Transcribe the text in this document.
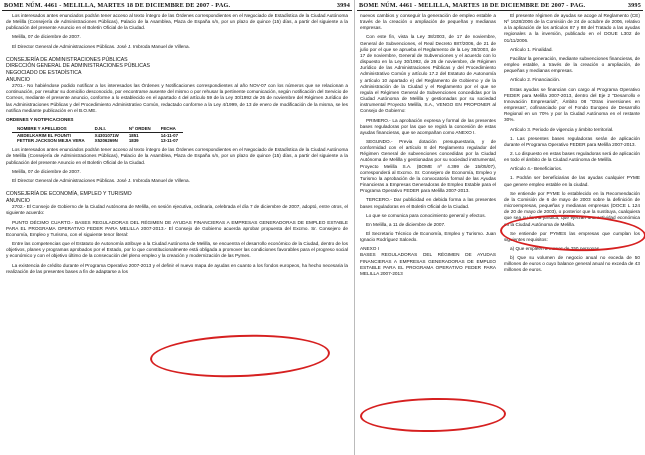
BOME NÚM. 4461 - MELILLA, MARTES 18 DE DICIEMBRE DE 2007 - PAG.	3994

Los interesados antes enunciados podrán tener acceso al texto íntegro de las Órdenes correspondientes en el Negociado de Estadística de la Ciudad Autónoma de Melilla (Consejería de Administraciones Públicas), Palacio de la Asamblea, Plaza de España s/n, por un plazo de quince (15) días, a partir del siguiente a la publicación del presente Anuncio en el Boletín Oficial de la Ciudad.

Melilla, 07 de diciembre de 2007.

El Director General de Administraciones Públicas. José J. Imbroda Manuel de Villena.

CONSEJERÍA DE ADMINISTRACIONES PÚBLICAS

DIRECCIÓN GENERAL DE ADMINISTRACIONES PÚBLICAS

NEGOCIADO DE ESTADÍSTICA

ANUNCIO

2701.- No habiéndose podido notificar a los interesados las Órdenes y Notificaciones correspondientes al año NOV-07 con los números que se relacionan a continuación, por resultar su domicilio desconocido, por encontrarse ausente del mismo o por rehusar la pertinente comunicación, según notificación del Servicio de Correos, mediante el presente anuncio, conforme a lo establecido en el apartado 4 del artículo 59 de la Ley 30/1992 de 26 de noviembre del Régimen Jurídico de las Administraciones Públicas y del Procedimiento Administrativo Común, redactado conforme a la Ley 4/1999, de 13 de enero de modificación de la misma, se les notifica mediante publicación en el B.O.ME.

ORDENES Y NOTIFICACIONES

NOMBRE Y APELLIDOS	D.N.I.	Nº ORDEN	FECHA
ABDELKARIM EL FOUNTI	X4301071W	1851	14-11-07
FETTER JACKSON MEJIA VERA	X5206269N	1839	13-11-07

Los interesados antes enunciados podrán tener acceso al texto íntegro de las Órdenes correspondientes en el Negociado de Estadística de la Ciudad Autónoma de Melilla (Consejería de Administraciones Públicas), Palacio de la Asamblea, Plaza de España s/n, por un plazo de quince (15) días, a partir del siguiente a la publicación del presente Anuncio en el Boletín Oficial de la Ciudad.

Melilla, 07 de diciembre de 2007.

El Director General de Administraciones Públicas. José J. Imbroda Manuel de Villena.

CONSEJERÍA DE ECONOMÍA, EMPLEO Y TURISMO

ANUNCIO

2702.- El Consejo de Gobierno de la Ciudad Autónoma de Melilla, en sesión ejecutiva, ordinaria, celebrada el día 7 de diciembre de 2007, adoptó, entre otros, el siguiente acuerdo:

PUNTO DÉCIMO CUARTO.- BASES REGULADORAS DEL RÉGIMEN DE AYUDAS FINANCIERAS A EMPRESAS GENERADORAS DE EMPLEO ESTABLE PARA EL PROGRAMA OPERATIVO FEDER PARA MELILLA 2007-2013.- El Consejo de Gobierno acuerda aprobar propuesta del Excmo. Sr. Consejero de Economía, Empleo y Turismo, con el siguiente tenor literal:

Entre las competencias que el Estatuto de Autonomía atribuye a la Ciudad Autónoma de Melilla, se encuentra el desarrollo económico de la Ciudad, dentro de los objetivos, planes y programas aprobados por el Estado, por lo que constitucionalmente está obligada a promover las condiciones favorables para el progreso social y económico y con el objetivo último de la consecución del pleno empleo y la creación y modernización de las Pymes.

La existencia de crédito durante el Programa Operativo 2007-2013 y el definir el nuevo mapa de ayudas en cuanto a los fondos europeos, ha hecho necesaria la realización de las presentes bases a fin de adaptarse a los

BOME NÚM. 4461 - MELILLA, MARTES 18 DE DICIEMBRE DE 2007 - PAG.	3995

nuevos cambios y conseguir la generación de empleo estable a través de la creación o ampliación de pequeñas y medianas empresas.

Con este fin, vista la Ley 38/2003, de 17 de noviembre, General de Subvenciones, el Real Decreto 887/2006, de 21 de julio por el que se aprueba el Reglamento de la Ley 38/2003, de 17 de noviembre, General de Subvenciones y el acuerdo con lo dispuesto en la Ley 30/1992, de 26 de noviembre, de Régimen Jurídico de las Administraciones Públicas y del Procedimiento Administrativo Común y artículo 17.2 del Estatuto de Autonomía y artículo 10 apartado e) del Reglamento de Gobierno y de la Administración de la Ciudad y el Reglamento por el que se regula el Régimen General de Subvenciones concedidas por la Ciudad Autónoma de Melilla y gestionadas por su sociedad instrumental Proyecto Melilla, S.A., VENGO EN PROPONER al Consejo de Gobierno:

PRIMERO.- La aprobación expresa y formal de las presentes bases reguladoras por las que se regirá la concesión de estas ayudas financieras, que se acompañan como ANEXO I.

SEGUNDO.- Previa dotación presupuestaria, y de conformidad con el artículo 8 del Reglamento regulador del Régimen General de subvenciones concedidas por la Ciudad Autónoma de Melilla y gestionadas por su sociedad instrumental, Proyecto Melilla S.A. (BOME nº 4.399 de 15/05/07), corresponderá al Excmo. Sr. Consejero de Economía, Empleo y Turismo la aprobación de la convocatoria formal de las Ayudas Financieras a Empresas Generadoras de Empleo Estable para el Programa Operativo FEDER para Melilla 2007-2013.

TERCERO.- Dar publicidad en debida forma a las presentes bases reguladoras en el Boletín Oficial de la Ciudad.

Lo que se comunica para conocimiento general y efectos.

En Melilla, a 11 de diciembre de 2007.

El Secretario Técnico de Economía, Empleo y Turismo. Juan Ignacio Rodríguez Salcedo.

ANEXO I

BASES REGULADORAS DEL RÉGIMEN DE AYUDAS FINANCIERAS A EMPRESAS GENERADORAS DE EMPLEO ESTABLE PARA EL PROGRAMA OPERATIVO FEDER PARA MELILLA 2007-2013

El presente régimen de ayudas se acoge al Reglamento (CE) Nº 1628/2006 de la Comisión de 24 de octubre de 2006, relativo a la aplicación de los artículos 87 y 88 del Tratado a las ayudas regionales a la inversión, publicado en el DOUE L302 de 01/11/2006.

Artículo 1. Finalidad.

Facilitar la generación, mediante subvenciones financieras, de empleo estable, a través de la creación o ampliación, de pequeñas y medianas empresas.

Artículo 2. Financiación.

Estas ayudas se financian con cargo al Programa Operativo FEDER para Melilla 2007-2013, dentro del Eje 2 "Desarrollo e Innovación Empresarial", Ámbito 08 "Otras inversiones en empresas", cofinanciado por el Fondo Europeo de Desarrollo Regional en un 70% y por la Ciudad Autónoma en el restante 30%.

Artículo 3. Periodo de vigencia y ámbito territorial.

1. Las presentes bases reguladoras serán de aplicación durante el Programa Operativo FEDER para Melilla 2007-2013.

2. Lo dispuesto en estas bases reguladoras será de aplicación en todo el ámbito de la Ciudad Autónoma de Melilla.

Artículo 4.- Beneficiarios.

1. Podrán ser beneficiarias de las ayudas cualquier PYME que genere empleo estable en la ciudad.

Se entiende por PYME lo establecido en la Recomendación de la Comisión de 6 de mayo de 2003 sobre la definición de microempresas, pequeñas y medianas empresas (DOCE L 124 de 20 de mayo de 2003), o posterior que la sustituya, cualquiera que sea su forma jurídica, que ejerzan una actividad económica en la Ciudad Autónoma de Melilla.

Se entiende por PYMES las empresas que cumplan los siguientes requisitos:

a) Que empleen a menos de 250 personas.

b) Que su volumen de negocio anual no exceda de 50 millones de euros o cuyo balance general anual no exceda de 43 millones de euros.
